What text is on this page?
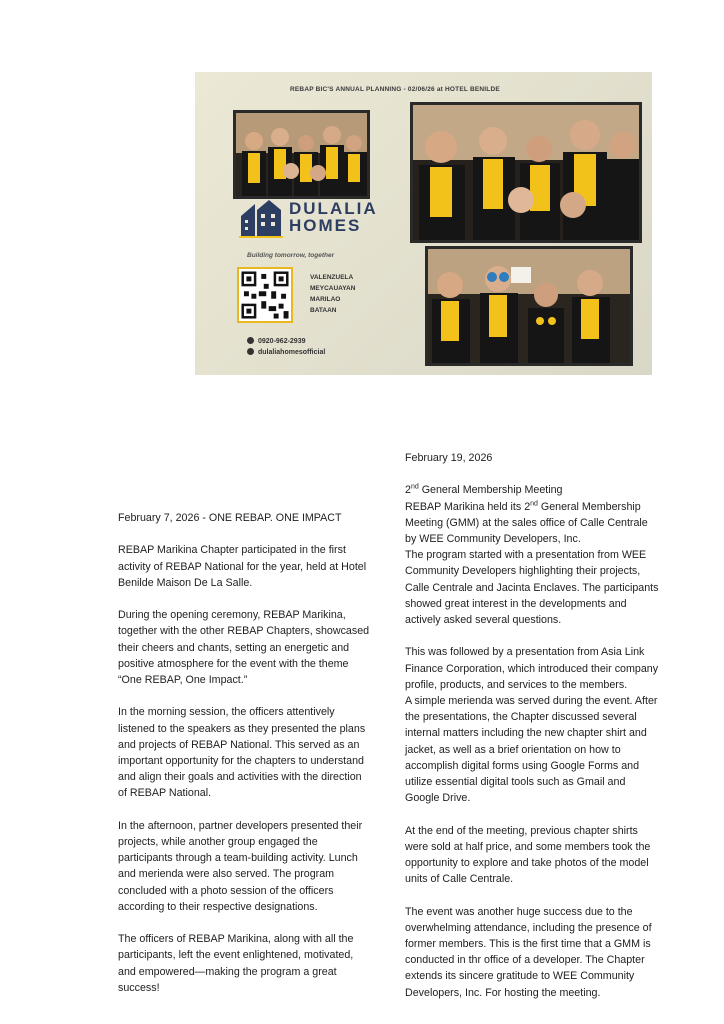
REBAP BIC'S ANNUAL PLANNING - 02/06/26 at HOTEL BENILDE
DULALIA HOMES
Building tomorrow, together
VALENZUELA
MEYCAUAYAN
MARILAO
BATAAN
0920-962-2939
dulaliahomesofficial

February 7, 2026 - ONE REBAP. ONE IMPACT

REBAP Marikina Chapter participated in the first

activity of REBAP National for the year, held at Hotel

Benilde Maison De La Salle.

During the opening ceremony, REBAP Marikina,

together with the other REBAP Chapters, showcased

their cheers and chants, setting an energetic and

positive atmosphere for the event with the theme

“One REBAP, One Impact.”

In the morning session, the officers attentively

listened to the speakers as they presented the plans

and projects of REBAP National. This served as an

important opportunity for the chapters to understand

and align their goals and activities with the direction

of REBAP National.

In the afternoon, partner developers presented their

projects, while another group engaged the

participants through a team-building activity. Lunch

and merienda were also served. The program

concluded with a photo session of the officers

according to their respective designations.

The officers of REBAP Marikina, along with all the

participants, left the event enlightened, motivated,

and empowered—making the program a great

success!

February 19, 2026

2nd General Membership Meeting

REBAP Marikina held its 2nd General Membership

Meeting (GMM) at the sales office of Calle Centrale

by WEE Community Developers, Inc.

The program started with a presentation from WEE

Community Developers highlighting their projects,

Calle Centrale and Jacinta Enclaves. The participants

showed great interest in the developments and

actively asked several questions.

This was followed by a presentation from Asia Link

Finance Corporation, which introduced their company

profile, products, and services to the members.

A simple merienda was served during the event. After

the presentations, the Chapter discussed several

internal matters including the new chapter shirt and

jacket, as well as a brief orientation on how to

accomplish digital forms using Google Forms and

utilize essential digital tools such as Gmail and

Google Drive.

At the end of the meeting, previous chapter shirts

were sold at half price, and some members took the

opportunity to explore and take photos of the model

units of Calle Centrale.

The event was another huge success due to the

overwhelming attendance, including the presence of

former members. This is the first time that a GMM is

conducted in thr office of a developer. The Chapter

extends its sincere gratitude to WEE Community

Developers, Inc. For hosting the meeting.
